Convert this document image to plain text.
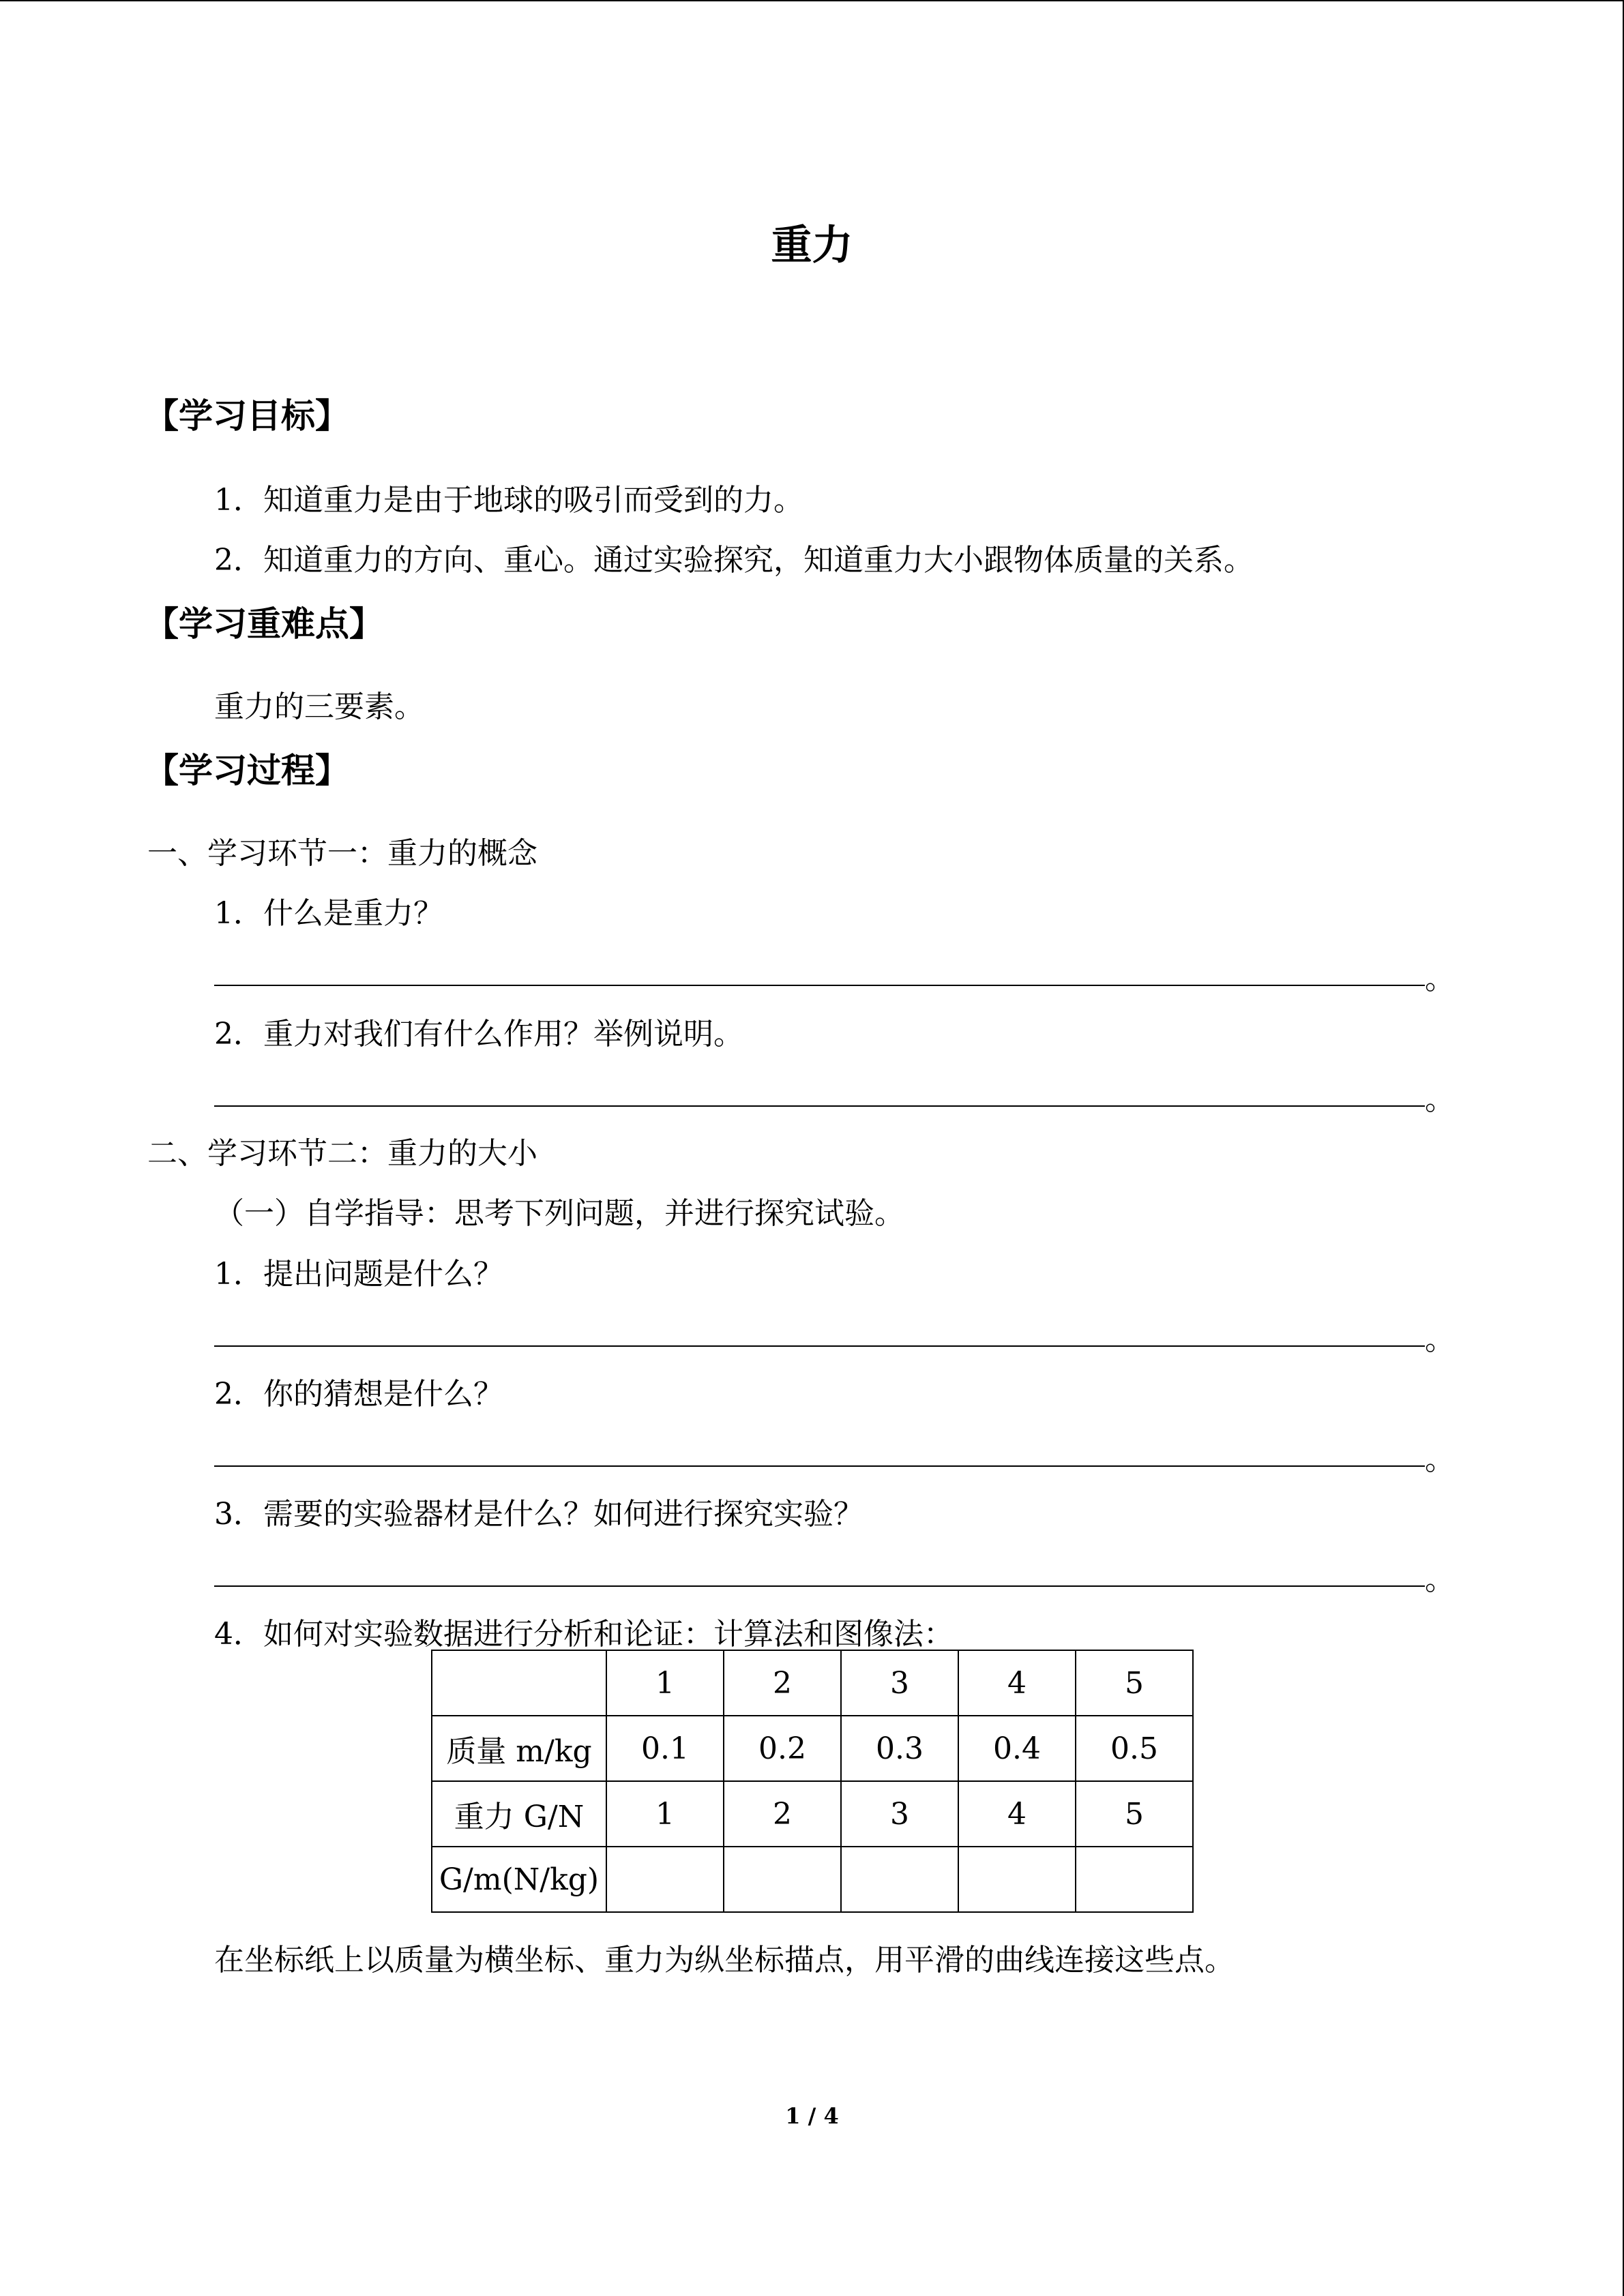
重力
【学习目标】
1．知道重力是由于地球的吸引而受到的力。
2．知道重力的方向、重心。通过实验探究，知道重力大小跟物体质量的关系。
【学习重难点】
重力的三要素。
【学习过程】
一、学习环节一：重力的概念
1．什么是重力？
。
2．重力对我们有什么作用？举例说明。
。
二、学习环节二：重力的大小
（一）自学指导：思考下列问题，并进行探究试验。
1．提出问题是什么？
。
2．你的猜想是什么？
。
3．需要的实验器材是什么？如何进行探究实验？
。
4．如何对实验数据进行分析和论证：计算法和图像法：
	1	2	3	4	5
质量 m/kg	0.1	0.2	0.3	0.4	0.5
重力 G/N	1	2	3	4	5
G/m(N/kg)					
在坐标纸上以质量为横坐标、重力为纵坐标描点，用平滑的曲线连接这些点。
1 / 4
